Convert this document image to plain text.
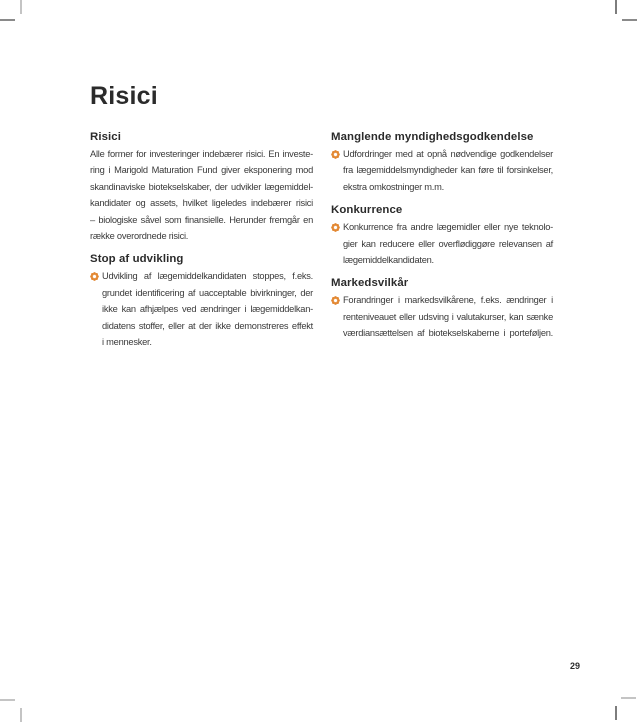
Risici
Risici
Alle former for investeringer indebærer risici. En investe-
ring i Marigold Maturation Fund giver eksponering mod
skandinaviske biotekselskaber, der udvikler lægemiddel-
kandidater og assets, hvilket ligeledes indebærer risici
– biologiske såvel som finansielle. Herunder fremgår en
række overordnede risici.
Stop af udvikling
Udvikling af lægemiddelkandidaten stoppes, f.eks.
grundet identificering af uacceptable bivirkninger, der
ikke kan afhjælpes ved ændringer i lægemiddelkan-
didatens stoffer, eller at der ikke demonstreres effekt
i mennesker.
Manglende myndighedsgodkendelse
Udfordringer med at opnå nødvendige godkendelser
fra lægemiddelsmyndigheder kan føre til forsinkelser,
ekstra omkostninger m.m.
Konkurrence
Konkurrence fra andre lægemidler eller nye teknolo-
gier kan reducere eller overflødiggøre relevansen af
lægemiddelkandidaten.
Markedsvilkår
Forandringer i markedsvilkårene, f.eks. ændringer i
renteniveauet eller udsving i valutakurser, kan sænke
værdiansættelsen af biotekselskaberne i porteføljen.
29
